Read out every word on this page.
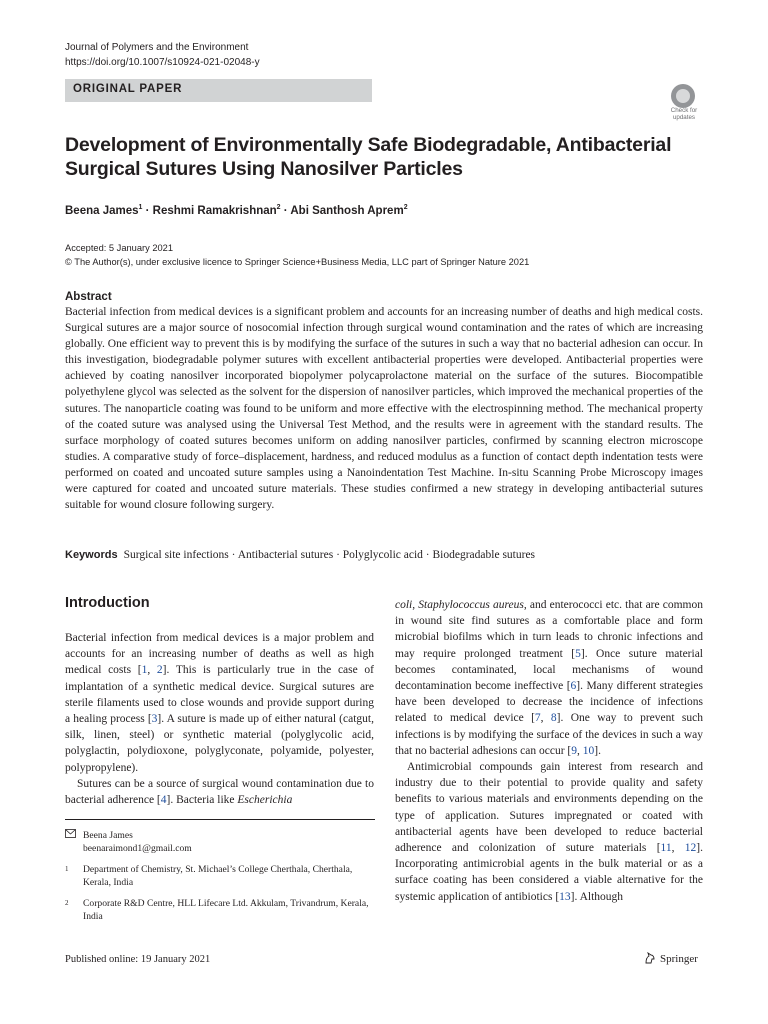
Journal of Polymers and the Environment
https://doi.org/10.1007/s10924-021-02048-y
ORIGINAL PAPER
Check for
updates
Development of Environmentally Safe Biodegradable, Antibacterial Surgical Sutures Using Nanosilver Particles
Beena James$^1$ · Reshmi Ramakrishnan$^2$ · Abi Santhosh Aprem$^2$
Accepted: 5 January 2021
© The Author(s), under exclusive licence to Springer Science+Business Media, LLC part of Springer Nature 2021
Abstract
Bacterial infection from medical devices is a significant problem and accounts for an increasing number of deaths and high medical costs. Surgical sutures are a major source of nosocomial infection through surgical wound contamination and the rates of which are increasing globally. One efficient way to prevent this is by modifying the surface of the sutures in such a way that no bacterial adhesion can occur. In this investigation, biodegradable polymer sutures with excellent antibacterial properties were developed. Antibacterial properties were achieved by coating nanosilver incorporated biopolymer polycaprolactone material on the surface of the sutures. Biocompatible polyethylene glycol was selected as the solvent for the dispersion of nanosilver particles, which improved the mechanical properties of the sutures. The nanoparticle coating was found to be uniform and more effective with the electrospinning method. The mechanical property of the coated suture was analysed using the Universal Test Method, and the results were in agreement with the standard results. The surface morphology of coated sutures becomes uniform on adding nanosilver particles, confirmed by scanning electron microscope studies. A comparative study of force–displacement, hardness, and reduced modulus as a function of contact depth indentation tests were performed on coated and uncoated suture samples using a Nanoindentation Test Machine. In-situ Scanning Probe Microscopy images were captured for coated and uncoated suture materials. These studies confirmed a new strategy in developing antibacterial sutures suitable for wound closure following surgery.
Keywords Surgical site infections · Antibacterial sutures · Polyglycolic acid · Biodegradable sutures
Introduction

Bacterial infection from medical devices is a major problem and accounts for an increasing number of deaths as well as high medical costs [1, 2]. This is particularly true in the case of implantation of a synthetic medical device. Surgical sutures are sterile filaments used to close wounds and provide support during a healing process [3]. A suture is made up of either natural (catgut, silk, linen, steel) or synthetic material (polyglycolic acid, polyglactin, polydioxone, polyglyconate, polyamide, polyester, polypropylene).

Sutures can be a source of surgical wound contamination due to bacterial adherence [4]. Bacteria like Escherichia

coli, Staphylococcus aureus, and enterococci etc. that are common in wound site find sutures as a comfortable place and form microbial biofilms which in turn leads to chronic infections and may require prolonged treatment [5]. Once suture material becomes contaminated, local mechanisms of wound decontamination become ineffective [6]. Many different strategies have been developed to decrease the incidence of infections related to medical device [7, 8]. One way to prevent such infections is by modifying the surface of the devices in such a way that no bacterial adhesions can occur [9, 10].

Antimicrobial compounds gain interest from research and industry due to their potential to provide quality and safety benefits to various materials and environments depending on the type of application. Sutures impregnated or coated with antibacterial agents have been developed to reduce bacterial adherence and colonization of suture materials [11, 12]. Incorporating antimicrobial agents in the bulk material or as a surface coating has been considered a viable alternative for the systemic application of antibiotics [13]. Although

Beena James
beenaraimond1@gmail.com
1 Department of Chemistry, St. Michael’s College Cherthala, Cherthala, Kerala, India
2 Corporate R&D Centre, HLL Lifecare Ltd. Akkulam, Trivandrum, Kerala, India
Published online: 19 January 2021	Springer
